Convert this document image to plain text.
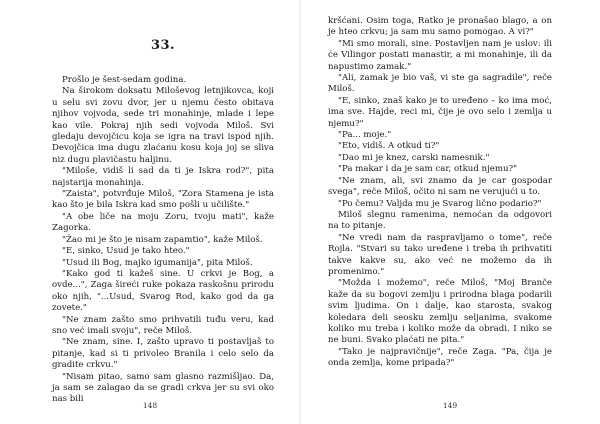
33.

Prošlo je šest-sedam godina.

Na širokom doksatu Miloševog letnjikovca, koji u selu svi zovu dvor, jer u njemu često obitava njihov vojvoda, sede tri monahinje, mlade i lepe kao vile. Pokraj njih sedi vojvoda Miloš. Svi gledaju devojčicu koja se igra na travi ispod njih. Devojčica ima dugu zlaćanu kosu koja joj se sliva niz dugu plavičastu haljinu.

"Miloše, vidiš li sad da ti je Iskra rod?", pita najstarija monahinja.

"Zaista", potvrđuje Miloš, "Zora Stamena je ista kao što je bila Iskra kad smo pošli u učilište."

"A obe liče na moju Zoru, tvoju mati", kaže Zagorka.

"Žao mi je što je nisam zapamtio", kaže Miloš.

"E, sinko, Usud je tako hteo."

"Usud ili Bog, majko igumanija", pita Miloš.

"Kako god ti kažeš sine. U crkvi je Bog, a ovde...", Zaga šireći ruke pokaza raskošnu prirodu oko njih, "...Usud, Svarog Rod, kako god da gа zovete."

"Ne znam zašto smo prihvatili tuđu veru, kad sno već imali svoju", reče Miloš.

"Ne znam, sine. I, zašto upravo ti postavljaš to pitanje, kad si ti privoleo Branila i celo selo da gradite crkvu."

"Nisam pitao, samo sam glasno razmišljao. Da, ja sam se zalagao da se gradi crkva jer su svi oko nas bili

148

kršćani. Osim toga, Ratko je pronašao blago, a on je hteo crkvu; ja sam mu samo pomogao. A vi?"

"Mi smo morali, sine. Postavljen nam je uslov: ili će Vilingor postati manastir, a mi monahinje, ili da napustimo zamak."

"Ali, zamak je bio vaš, vi ste ga sagradile", reče Miloš.

"E, sinko, znaš kako je to uređeno – ko ima moć, ima sve. Hajde, reci mi, čije je ovo selo i zemlja u njemu?"

"Pa... moje."

"Eto, vidiš. A otkud ti?"

"Dao mi je knez, carski namesnik."

"Pa makar i da je sam car, otkud njemu?"

"Ne znam, ali, svi znamo da je car gospodar svega", reče Miloš, očito ni sam ne verujući u to.

"Po čemu? Valjda mu je Svarog lično podario?"

Miloš slegnu ramenima, nemoćan da odgovori na to pitanje.

"Ne vredi nam da raspravljamo o tome", reče Rojla. "Stvari su tako uređene i treba ih prihvatiti takve kakve su, ako već ne možemo da ih promenimo."

"Možda i možemo", reče Miloš, "Moj Branče kaže da su bogovi zemlju i prirodna blaga podarili svim ljudima. On i dalje, kao starosta, svakog koledara deli seosku zemlju seljanima, svakome koliko mu treba i koliko može da obradi. I niko se ne buni. Svako plaćati ne pita."

"Tako je najpravičnije", reče Zaga. "Pa, čija je onda zemlja, kome pripada?"

149
